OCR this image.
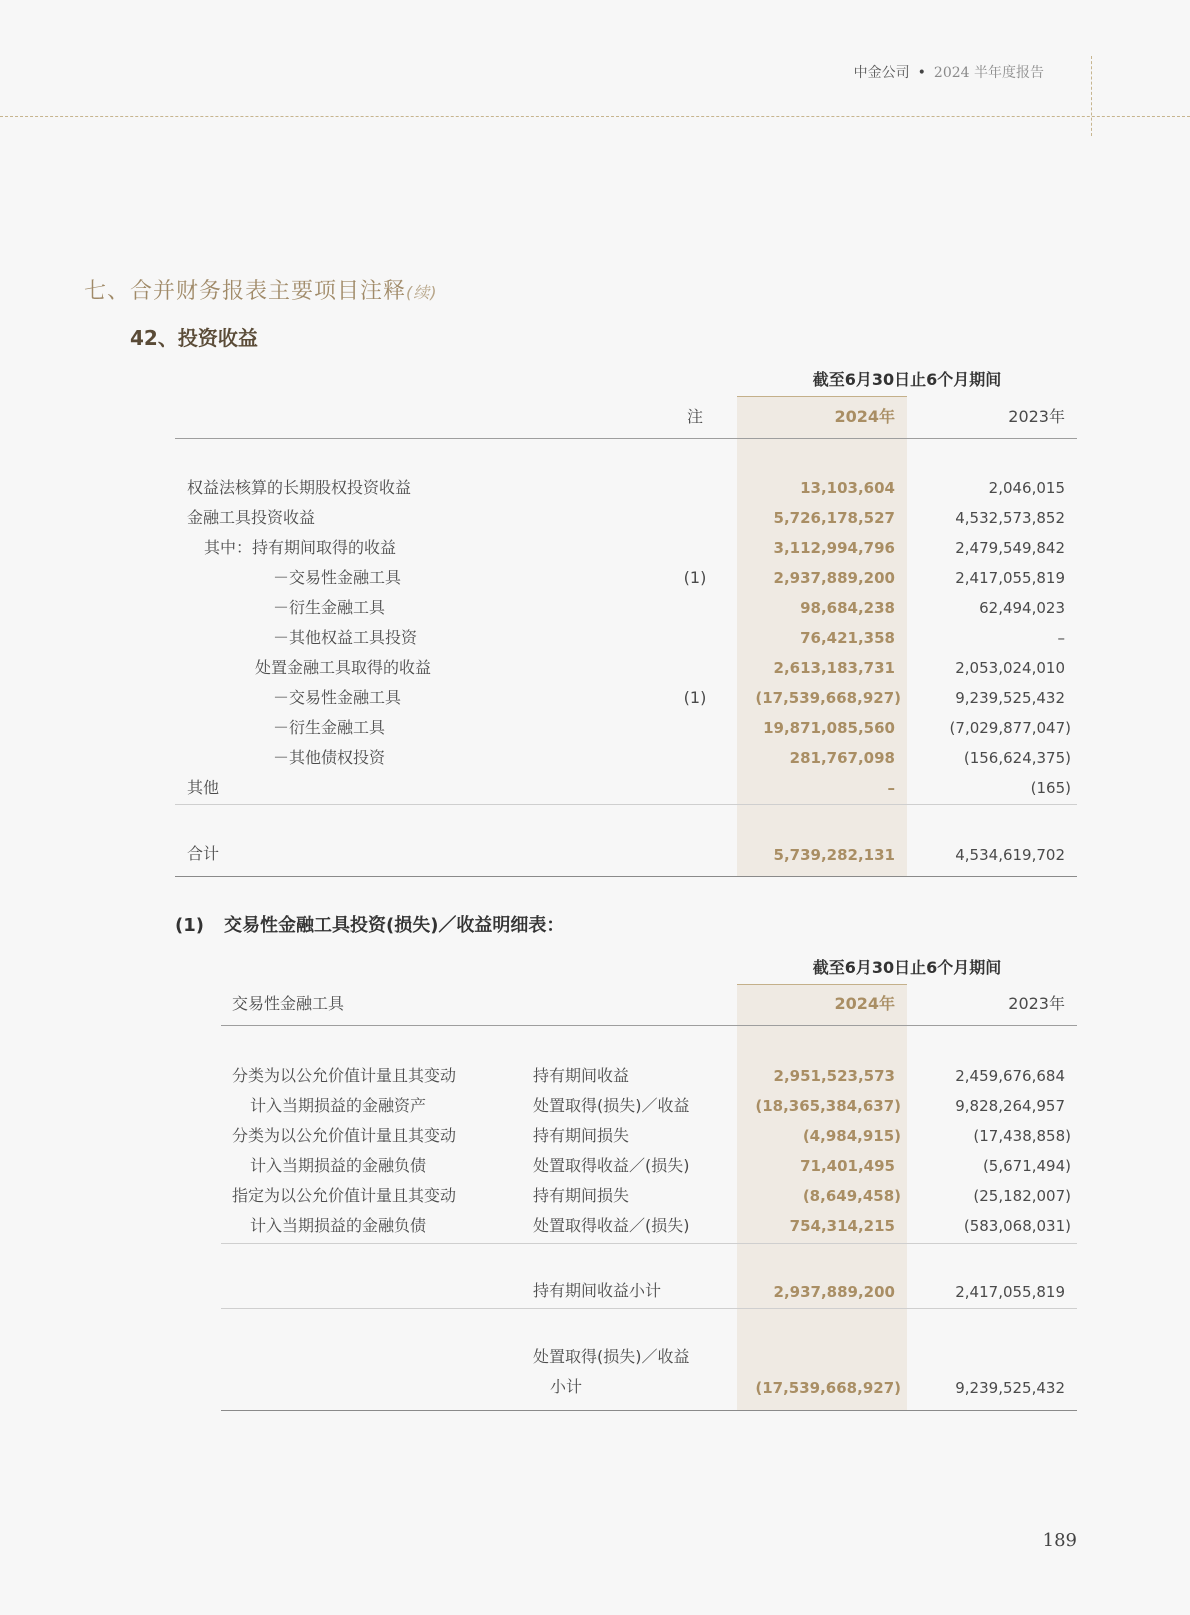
中金公司 • 2024 半年度报告
七、合并财务报表主要项目注释(续)
42、投资收益
截至6月30日止6个月期间
注	2024年	2023年
权益法核算的长期股权投资收益	13,103,604	2,046,015
金融工具投资收益	5,726,178,527	4,532,573,852
其中：持有期间取得的收益	3,112,994,796	2,479,549,842
－交易性金融工具	(1)	2,937,889,200	2,417,055,819
－衍生金融工具	98,684,238	62,494,023
－其他权益工具投资	76,421,358	–
处置金融工具取得的收益	2,613,183,731	2,053,024,010
－交易性金融工具	(1)	(17,539,668,927)	9,239,525,432
－衍生金融工具	19,871,085,560	(7,029,877,047)
－其他债权投资	281,767,098	(156,624,375)
其他	–	(165)
合计	5,739,282,131	4,534,619,702
(1) 交易性金融工具投资(损失)／收益明细表：
截至6月30日止6个月期间
交易性金融工具	2024年	2023年
分类为以公允价值计量且其变动	持有期间收益	2,951,523,573	2,459,676,684
计入当期损益的金融资产	处置取得(损失)／收益	(18,365,384,637)	9,828,264,957
分类为以公允价值计量且其变动	持有期间损失	(4,984,915)	(17,438,858)
计入当期损益的金融负债	处置取得收益／(损失)	71,401,495	(5,671,494)
指定为以公允价值计量且其变动	持有期间损失	(8,649,458)	(25,182,007)
计入当期损益的金融负债	处置取得收益／(损失)	754,314,215	(583,068,031)
持有期间收益小计	2,937,889,200	2,417,055,819
处置取得(损失)／收益
小计	(17,539,668,927)	9,239,525,432
189
